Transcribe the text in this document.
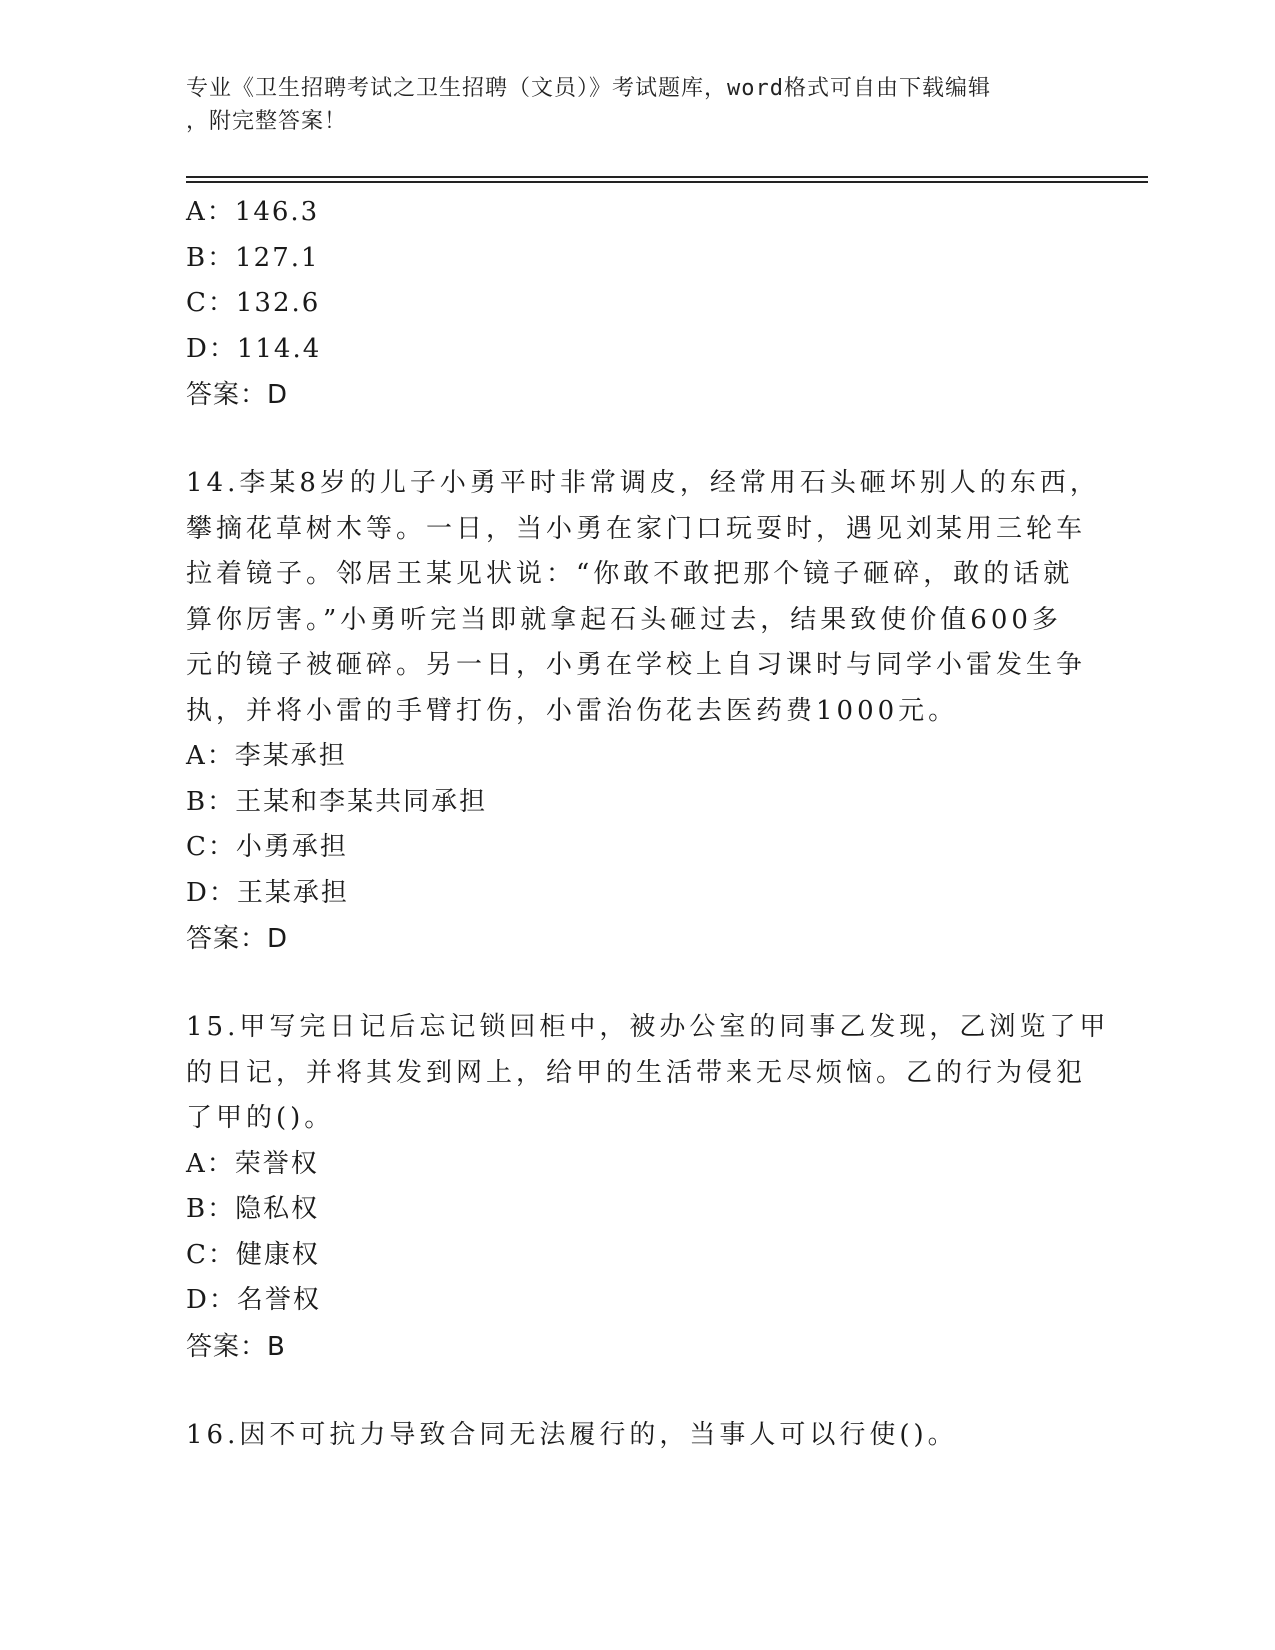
专业《卫生招聘考试之卫生招聘（文员）》考试题库，word格式可自由下载编辑
，附完整答案！
A：146.3
B：127.1
C：132.6
D：114.4
答案：D
14.李某8岁的儿子小勇平时非常调皮，经常用石头砸坏别人的东西，
攀摘花草树木等。一日，当小勇在家门口玩耍时，遇见刘某用三轮车
拉着镜子。邻居王某见状说：“你敢不敢把那个镜子砸碎，敢的话就
算你厉害。”小勇听完当即就拿起石头砸过去，结果致使价值600多
元的镜子被砸碎。另一日，小勇在学校上自习课时与同学小雷发生争
执，并将小雷的手臂打伤，小雷治伤花去医药费1000元。
A：李某承担
B：王某和李某共同承担
C：小勇承担
D：王某承担
答案：D
15.甲写完日记后忘记锁回柜中，被办公室的同事乙发现，乙浏览了甲
的日记，并将其发到网上，给甲的生活带来无尽烦恼。乙的行为侵犯
了甲的()。
A：荣誉权
B：隐私权
C：健康权
D：名誉权
答案：B
16.因不可抗力导致合同无法履行的，当事人可以行使()。
